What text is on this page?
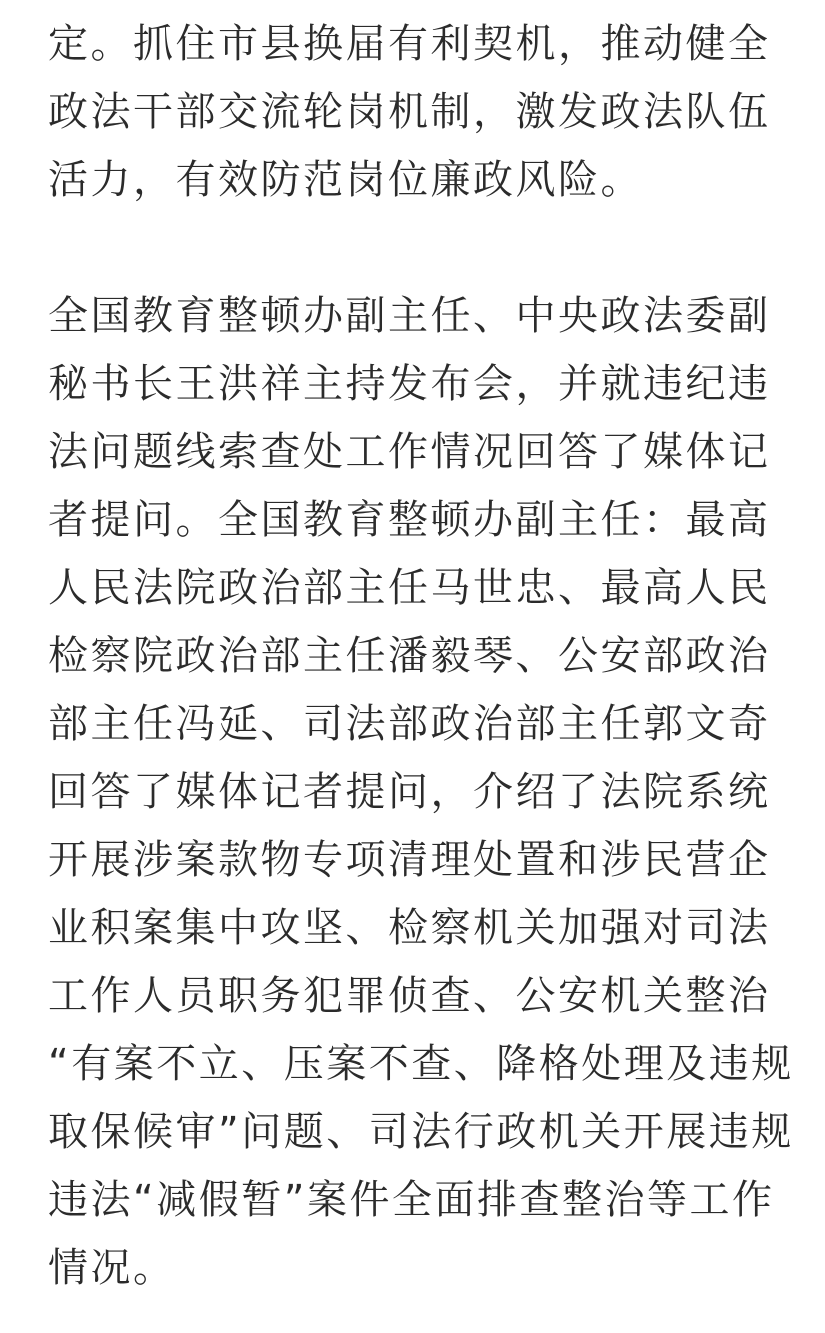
定。抓住市县换届有利契机，推动健全
政法干部交流轮岗机制，激发政法队伍
活力，有效防范岗位廉政风险。
全国教育整顿办副主任、中央政法委副
秘书长王洪祥主持发布会，并就违纪违
法问题线索查处工作情况回答了媒体记
者提问。全国教育整顿办副主任：最高
人民法院政治部主任马世忠、最高人民
检察院政治部主任潘毅琴、公安部政治
部主任冯延、司法部政治部主任郭文奇
回答了媒体记者提问，介绍了法院系统
开展涉案款物专项清理处置和涉民营企
业积案集中攻坚、检察机关加强对司法
工作人员职务犯罪侦查、公安机关整治
“有案不立、压案不查、降格处理及违规
取保候审”问题、司法行政机关开展违规
违法“减假暂”案件全面排查整治等工作
情况。
